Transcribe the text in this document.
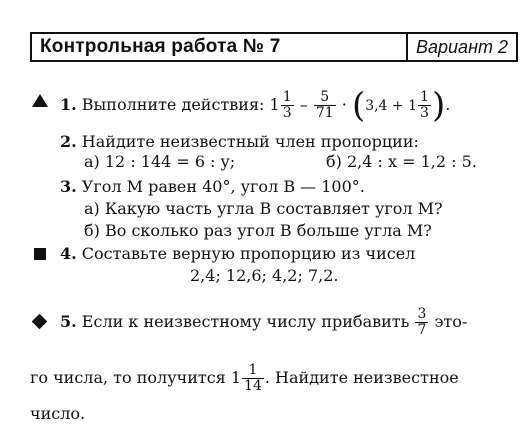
Контрольная работа № 7	Вариант 2
1. Выполните действия: $1 \frac{1}{3} - \frac{5}{71} \cdot (3,4 + 1 \frac{1}{3}$ ).
2. Найдите неизвестный член пропорции:
а) 12 : 144 = 6 : y;	б) 2,4 : x = 1,2 : 5.
3. Угол M равен 40°, угол B — 100°.
а) Какую часть угла B составляет угол M?
б) Во сколько раз угол B больше угла M?
4. Составьте верную пропорцию из чисел
2,4; 12,6; 4,2; 7,2.
5. Если к неизвестному числу прибавить $\frac{3}{7} это-$
го числа, то получится $1 \frac{1}{14}$ . Найдите неизвестное
число.
